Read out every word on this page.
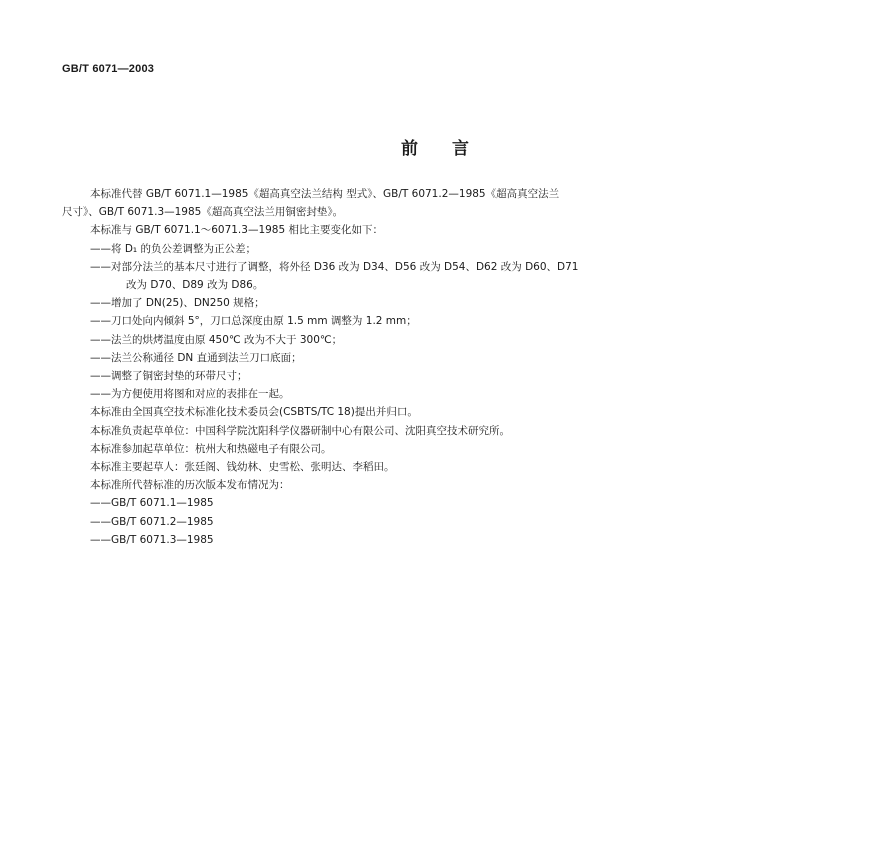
GB/T 6071—2003
前言
本标准代替 GB/T 6071.1—1985《超高真空法兰结构 型式》、GB/T 6071.2—1985《超高真空法兰
尺寸》、GB/T 6071.3—1985《超高真空法兰用铜密封垫》。
本标准与 GB/T 6071.1～6071.3—1985 相比主要变化如下：
——将 D₁ 的负公差调整为正公差；
——对部分法兰的基本尺寸进行了调整，将外径 D36 改为 D34、D56 改为 D54、D62 改为 D60、D71
改为 D70、D89 改为 D86。
——增加了 DN(25)、DN250 规格；
——刀口处向内倾斜 5°，刀口总深度由原 1.5 mm 调整为 1.2 mm；
——法兰的烘烤温度由原 450℃ 改为不大于 300℃；
——法兰公称通径 DN 直通到法兰刀口底面；
——调整了铜密封垫的环带尺寸；
——为方便使用将图和对应的表排在一起。
本标准由全国真空技术标准化技术委员会(CSBTS/TC 18)提出并归口。
本标准负责起草单位：中国科学院沈阳科学仪器研制中心有限公司、沈阳真空技术研究所。
本标准参加起草单位：杭州大和热磁电子有限公司。
本标准主要起草人：张廷阁、钱幼林、史雪松、张明达、李稻田。
本标准所代替标准的历次版本发布情况为：
——GB/T 6071.1—1985
——GB/T 6071.2—1985
——GB/T 6071.3—1985
